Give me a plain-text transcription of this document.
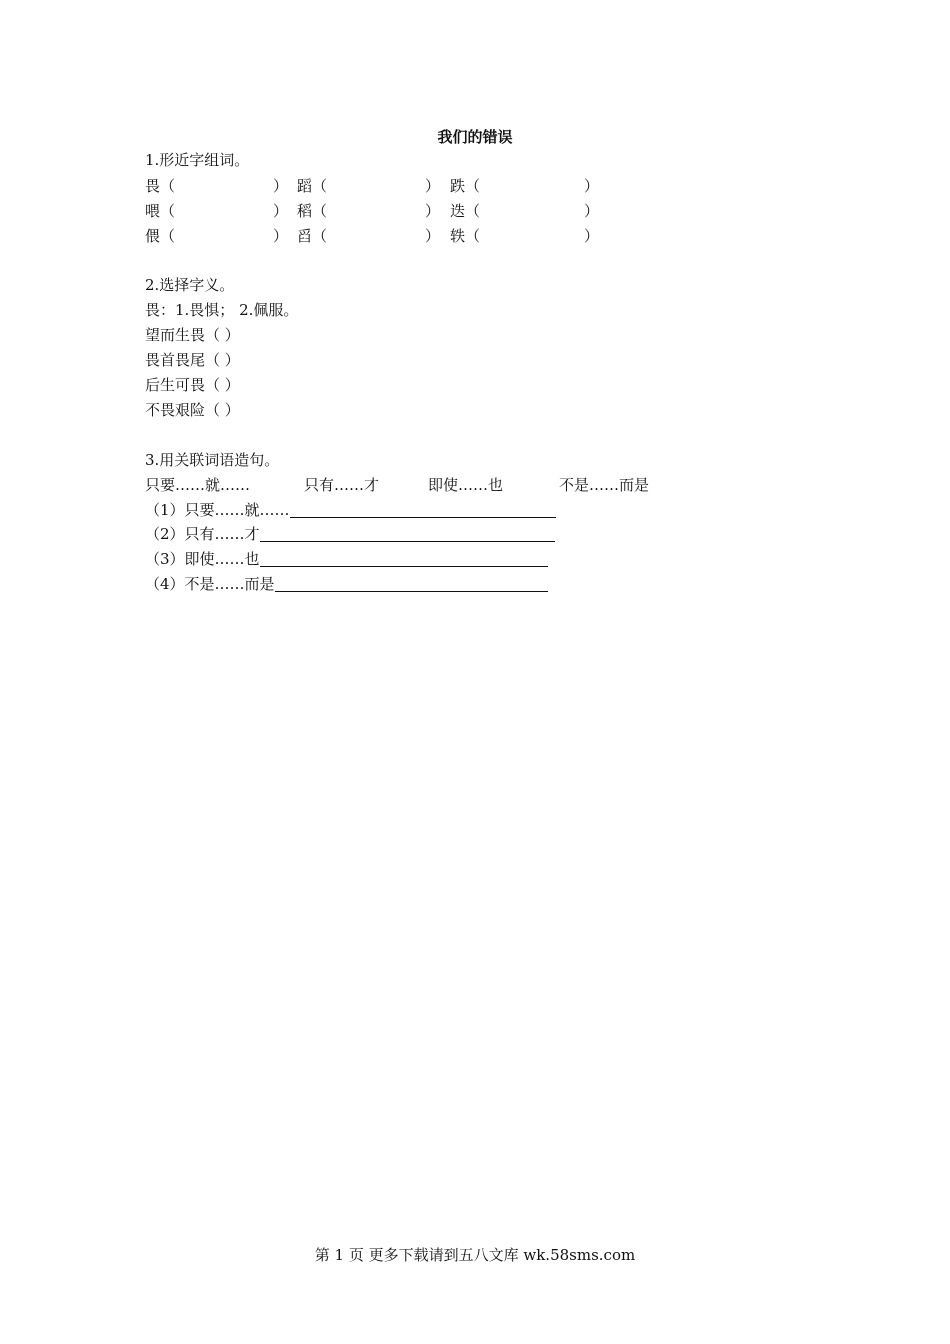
我们的错误
1.形近字组词。
畏（	） 蹈（	） 跌（	）
喂（	） 稻（	） 迭（	）
偎（	） 舀（	） 轶（	）
2.选择字义。
畏：1.畏惧； 2.佩服。
望而生畏（ ）
畏首畏尾（ ）
后生可畏（ ）
不畏艰险（ ）
3.用关联词语造句。
只要……就……	只有……才	即使……也	不是……而是
（1）只要……就……
（2）只有……才
（3）即使……也
（4）不是……而是
第 1 页 更多下载请到五八文库 wk.58sms.com
